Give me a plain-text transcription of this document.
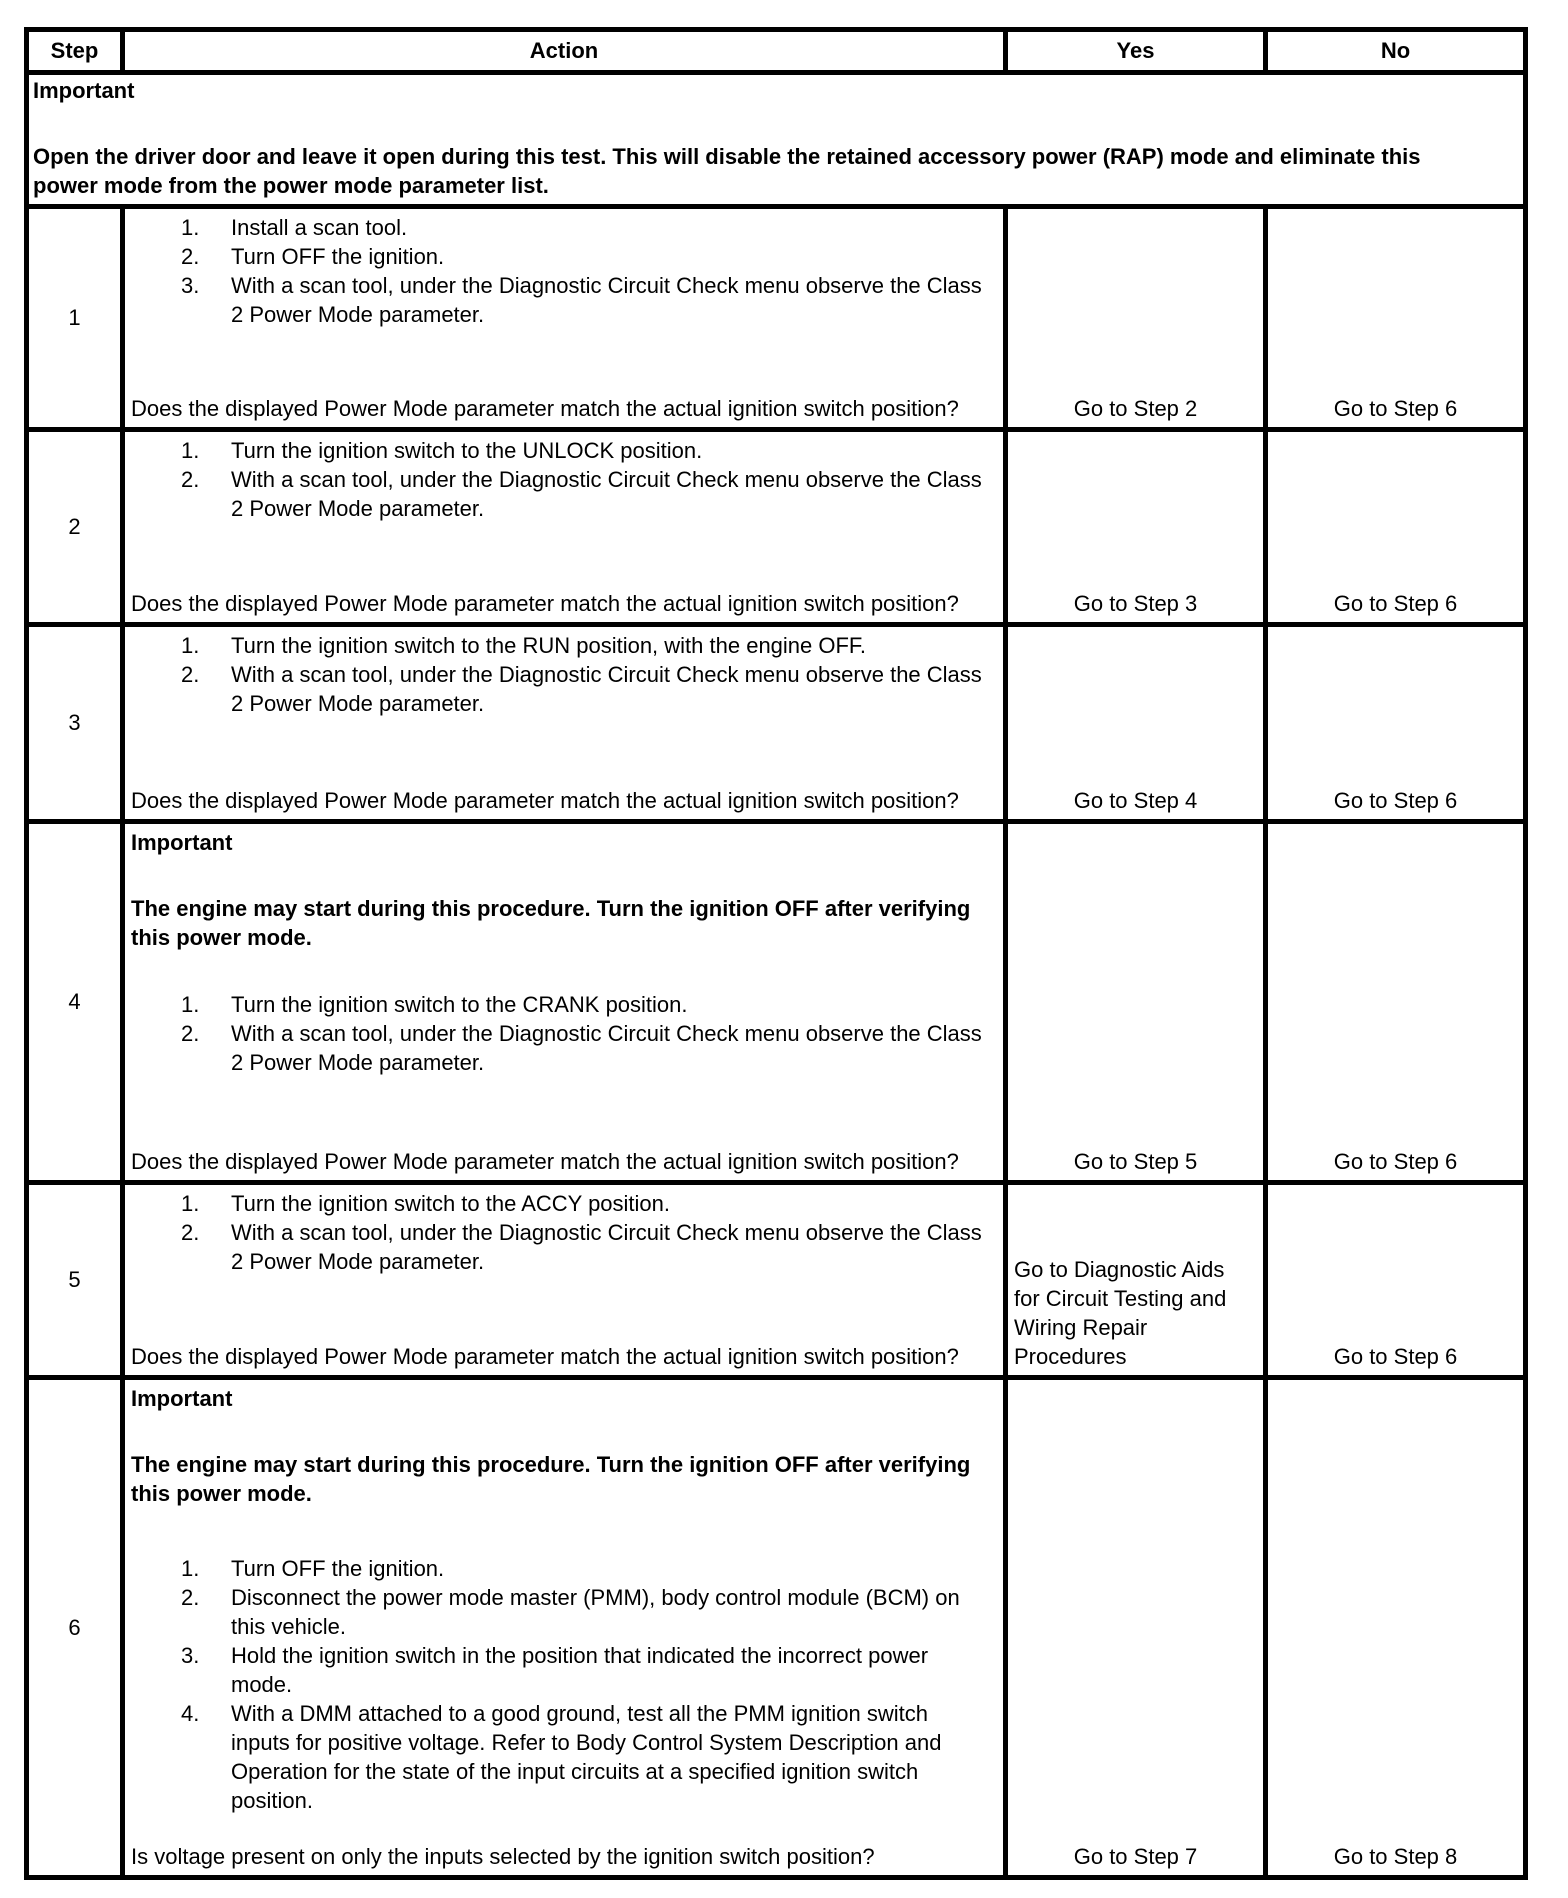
Step	Action	Yes	No
Important
Open the driver door and leave it open during this test. This will disable the retained accessory power (RAP) mode and eliminate this power mode from the power mode parameter list.
1
1. Install a scan tool.
2. Turn OFF the ignition.
3. With a scan tool, under the Diagnostic Circuit Check menu observe the Class 2 Power Mode parameter.
Does the displayed Power Mode parameter match the actual ignition switch position?	Go to Step 2	Go to Step 6
2
1. Turn the ignition switch to the UNLOCK position.
2. With a scan tool, under the Diagnostic Circuit Check menu observe the Class 2 Power Mode parameter.
Does the displayed Power Mode parameter match the actual ignition switch position?	Go to Step 3	Go to Step 6
3
1. Turn the ignition switch to the RUN position, with the engine OFF.
2. With a scan tool, under the Diagnostic Circuit Check menu observe the Class 2 Power Mode parameter.
Does the displayed Power Mode parameter match the actual ignition switch position?	Go to Step 4	Go to Step 6
4
Important
The engine may start during this procedure. Turn the ignition OFF after verifying this power mode.
1. Turn the ignition switch to the CRANK position.
2. With a scan tool, under the Diagnostic Circuit Check menu observe the Class 2 Power Mode parameter.
Does the displayed Power Mode parameter match the actual ignition switch position?	Go to Step 5	Go to Step 6
5
1. Turn the ignition switch to the ACCY position.
2. With a scan tool, under the Diagnostic Circuit Check menu observe the Class 2 Power Mode parameter.
Does the displayed Power Mode parameter match the actual ignition switch position?
Go to Diagnostic Aids for Circuit Testing and Wiring Repair Procedures	Go to Step 6
6
Important
The engine may start during this procedure. Turn the ignition OFF after verifying this power mode.
1. Turn OFF the ignition.
2. Disconnect the power mode master (PMM), body control module (BCM) on this vehicle.
3. Hold the ignition switch in the position that indicated the incorrect power mode.
4. With a DMM attached to a good ground, test all the PMM ignition switch inputs for positive voltage. Refer to Body Control System Description and Operation for the state of the input circuits at a specified ignition switch position.
Is voltage present on only the inputs selected by the ignition switch position?	Go to Step 7	Go to Step 8
